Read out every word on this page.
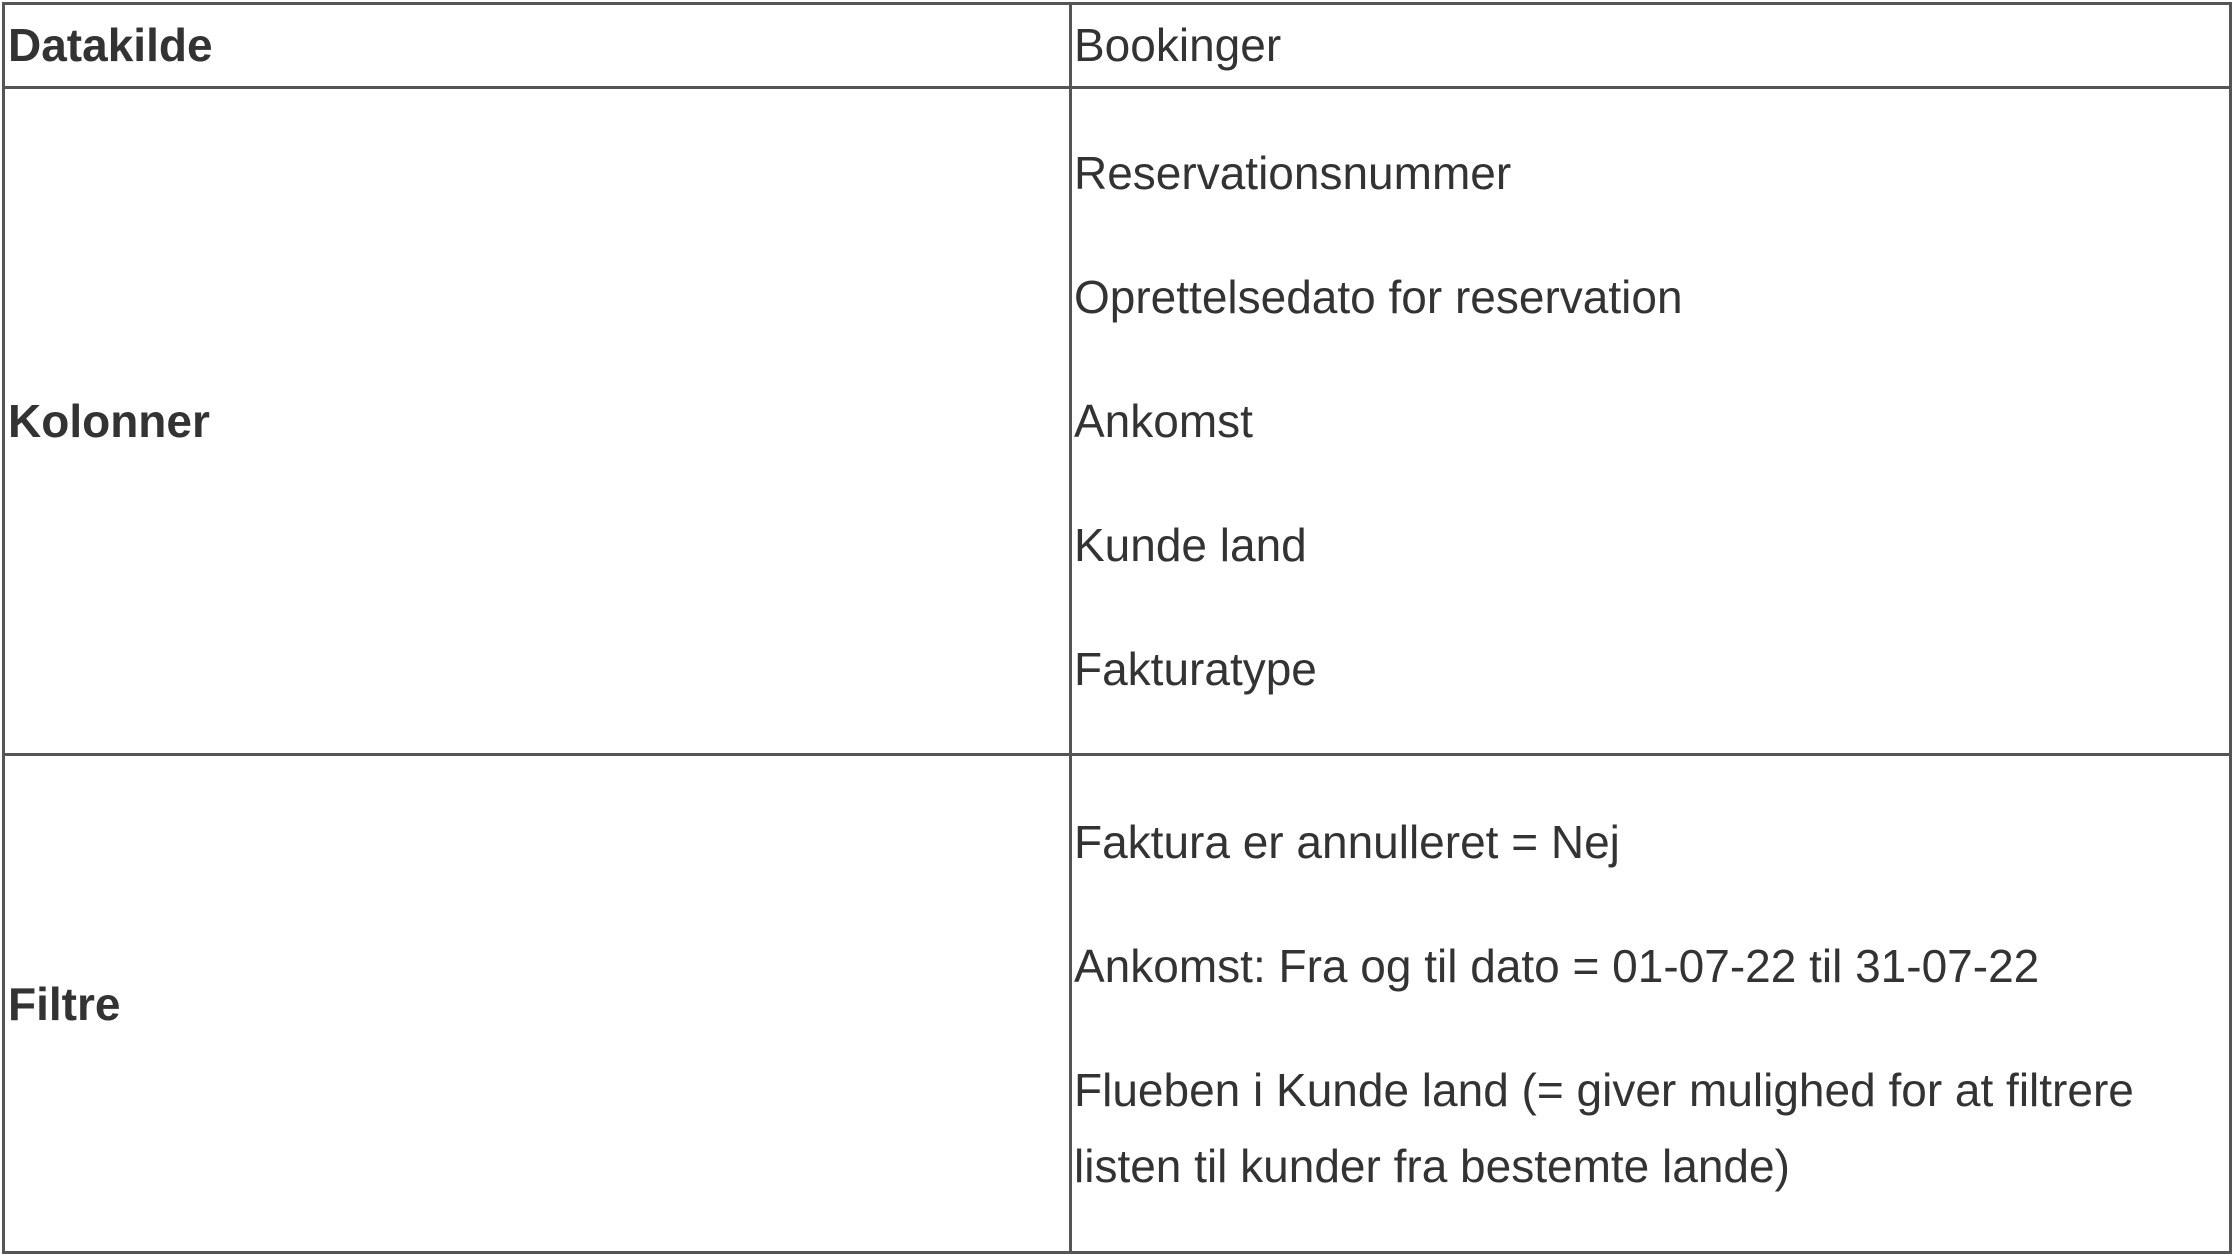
Datakilde	Bookinger
Kolonner	Reservationsnummer
Oprettelsedato for reservation
Ankomst
Kunde land
Fakturatype

Filtre	Faktura er annulleret = Nej
Ankomst: Fra og til dato = 01-07-22 til 31-07-22
Flueben i Kunde land (= giver mulighed for at filtrere listen til kunder fra bestemte lande)
